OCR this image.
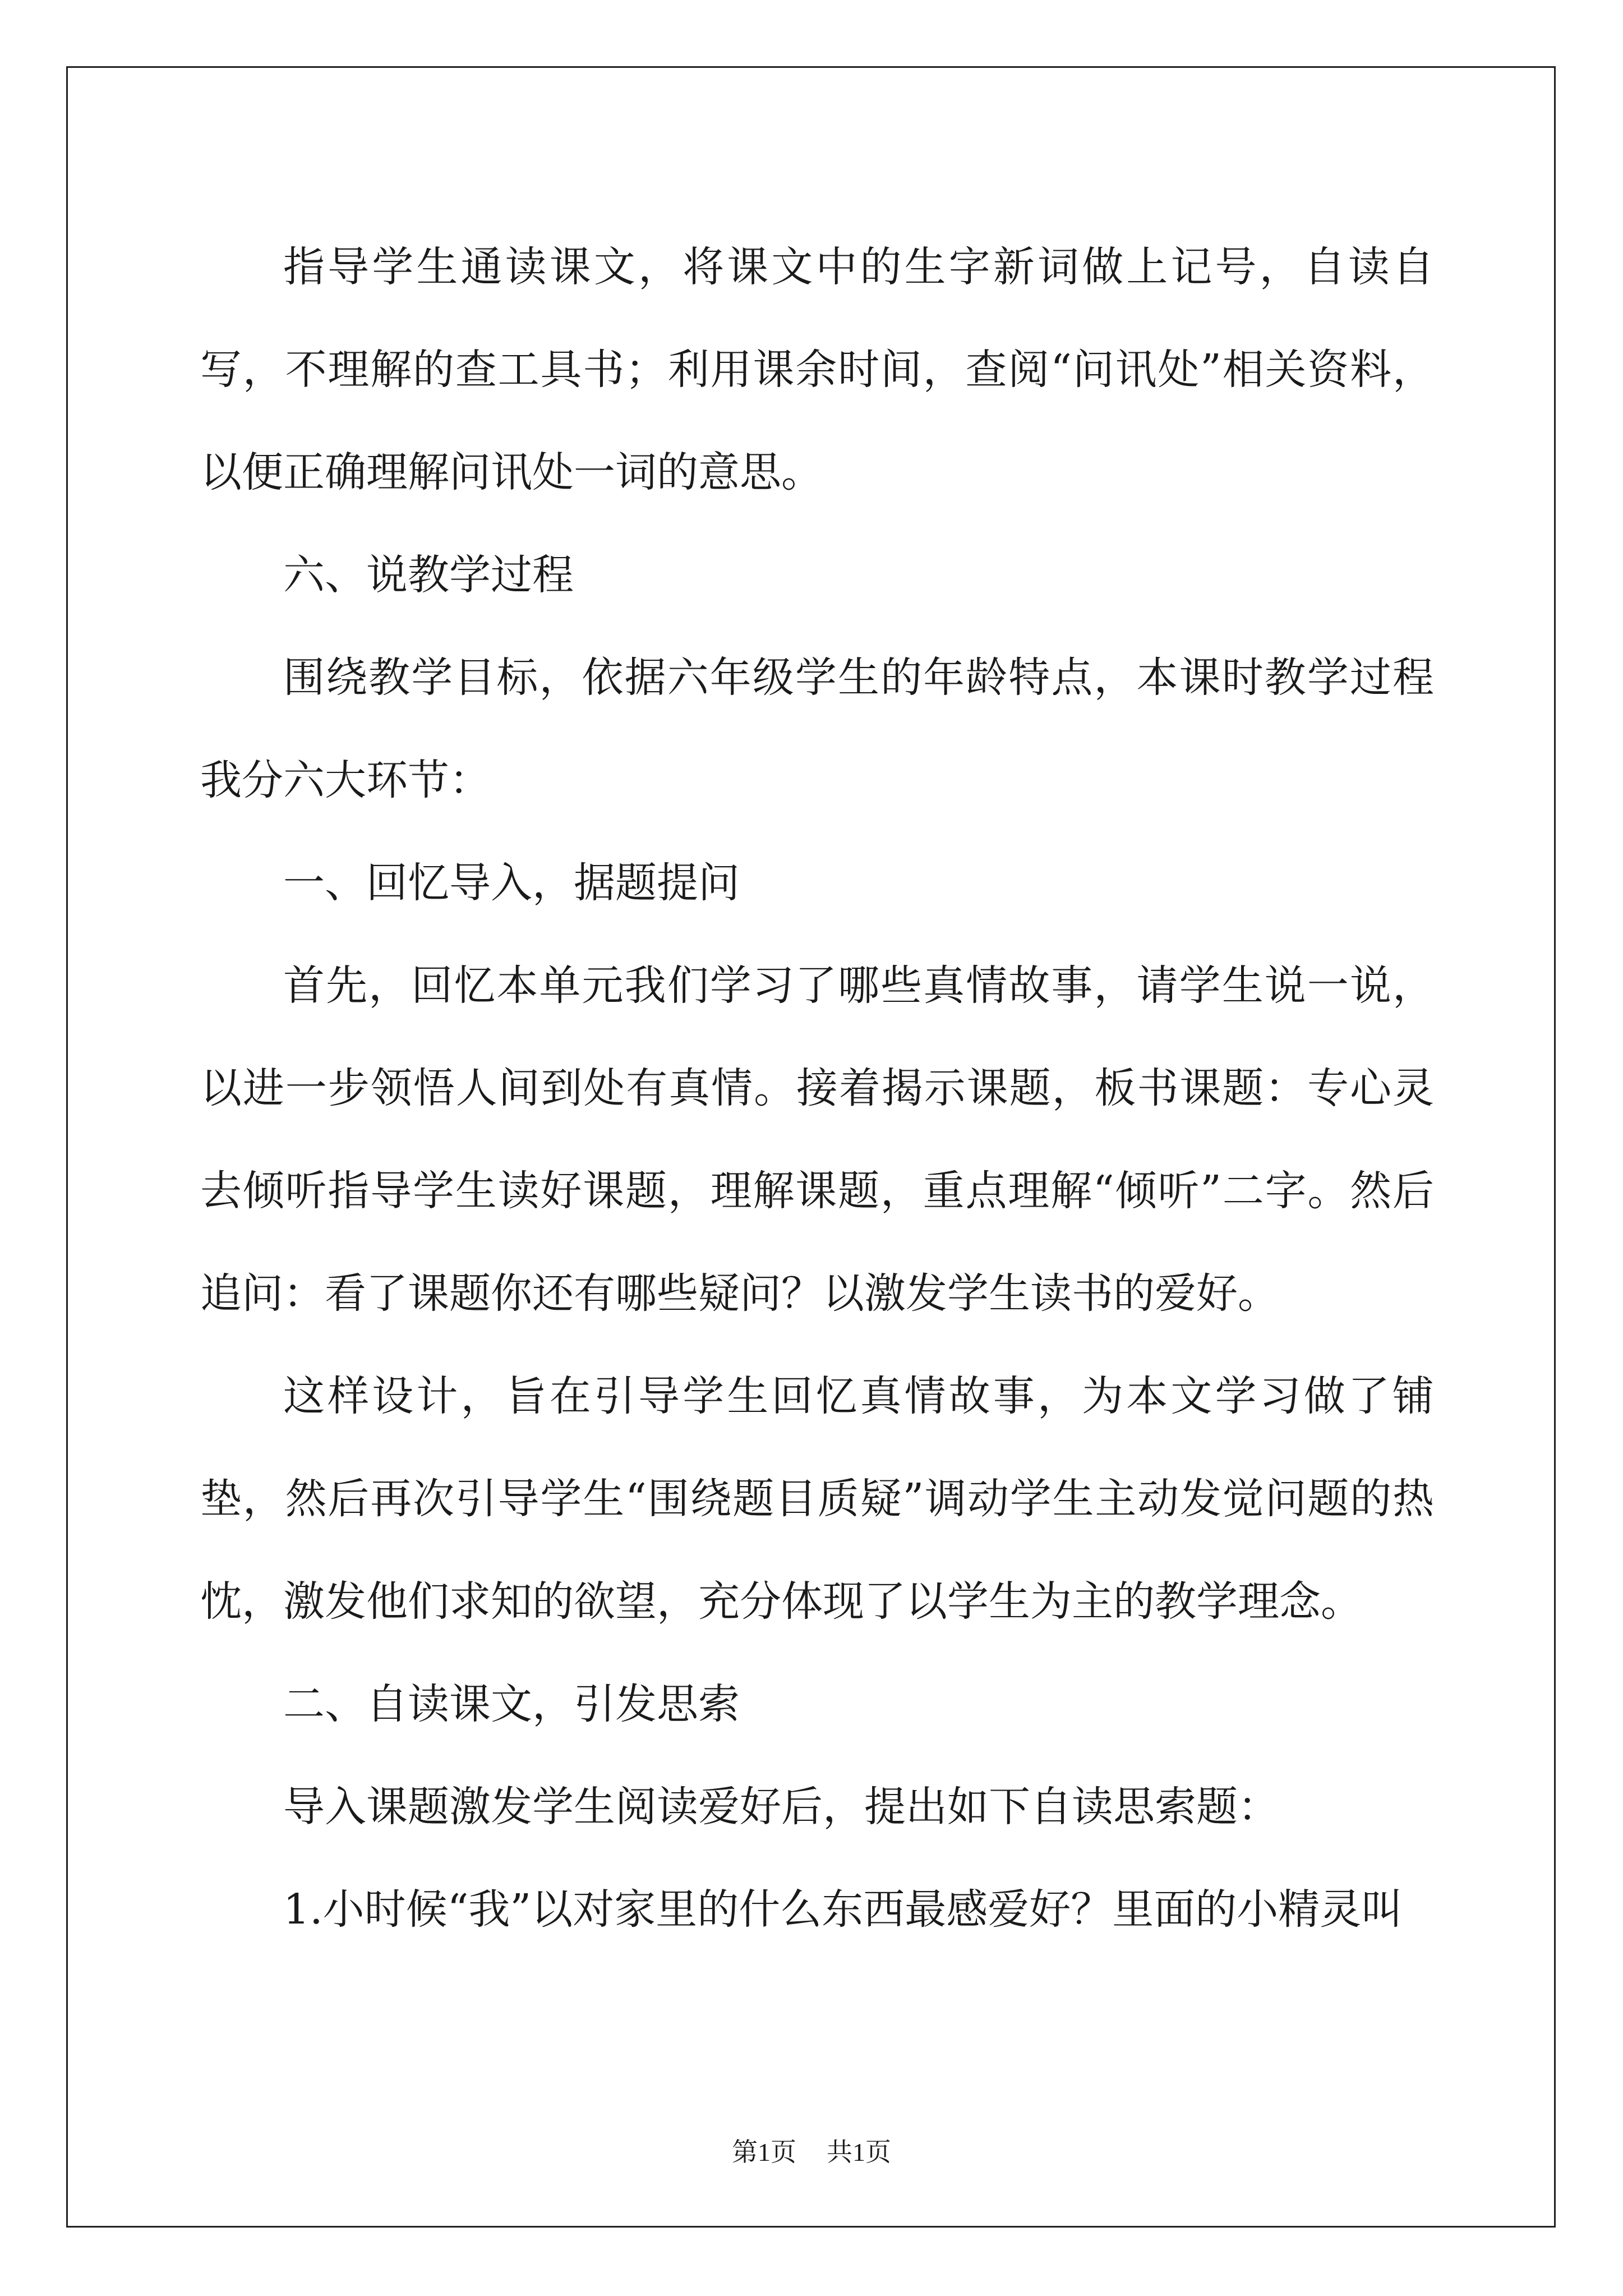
指导学生通读课文，将课文中的生字新词做上记号，自读自写，不理解的查工具书；利用课余时间，查阅“问讯处”相关资料，以便正确理解问讯处一词的意思。

六、说教学过程

围绕教学目标，依据六年级学生的年龄特点，本课时教学过程我分六大环节：

一、回忆导入，据题提问

首先，回忆本单元我们学习了哪些真情故事，请学生说一说，以进一步领悟人间到处有真情。接着揭示课题，板书课题：专心灵去倾听指导学生读好课题，理解课题，重点理解“倾听”二字。然后追问：看了课题你还有哪些疑问？以激发学生读书的爱好。

这样设计，旨在引导学生回忆真情故事，为本文学习做了铺垫，然后再次引导学生“围绕题目质疑”调动学生主动发觉问题的热忱，激发他们求知的欲望，充分体现了以学生为主的教学理念。

二、自读课文，引发思索

导入课题激发学生阅读爱好后，提出如下自读思索题：

1.小时候“我”以对家里的什么东西最感爱好？里面的小精灵叫

第1页 共1页
